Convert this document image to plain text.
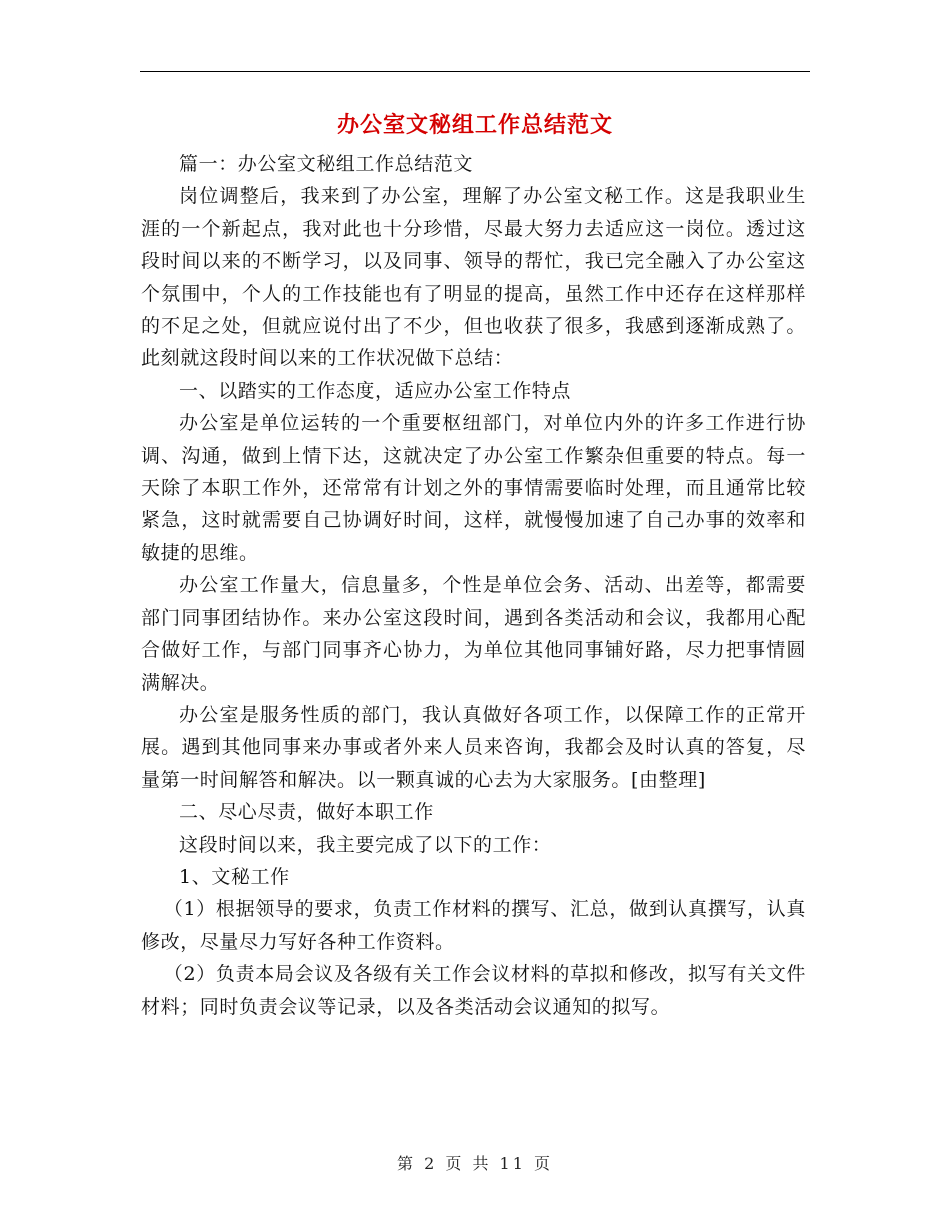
办公室文秘组工作总结范文

篇一：办公室文秘组工作总结范文

岗位调整后，我来到了办公室，理解了办公室文秘工作。这是我职业生涯的一个新起点，我对此也十分珍惜，尽最大努力去适应这一岗位。透过这段时间以来的不断学习，以及同事、领导的帮忙，我已完全融入了办公室这个氛围中，个人的工作技能也有了明显的提高，虽然工作中还存在这样那样的不足之处，但就应说付出了不少，但也收获了很多，我感到逐渐成熟了。此刻就这段时间以来的工作状况做下总结：

一、以踏实的工作态度，适应办公室工作特点

办公室是单位运转的一个重要枢纽部门，对单位内外的许多工作进行协调、沟通，做到上情下达，这就决定了办公室工作繁杂但重要的特点。每一天除了本职工作外，还常常有计划之外的事情需要临时处理，而且通常比较紧急，这时就需要自己协调好时间，这样，就慢慢加速了自己办事的效率和敏捷的思维。

办公室工作量大，信息量多，个性是单位会务、活动、出差等，都需要部门同事团结协作。来办公室这段时间，遇到各类活动和会议，我都用心配合做好工作，与部门同事齐心协力，为单位其他同事铺好路，尽力把事情圆满解决。

办公室是服务性质的部门，我认真做好各项工作，以保障工作的正常开展。遇到其他同事来办事或者外来人员来咨询，我都会及时认真的答复，尽量第一时间解答和解决。以一颗真诚的心去为大家服务。[由整理]

二、尽心尽责，做好本职工作

这段时间以来，我主要完成了以下的工作：

1、文秘工作

（1）根据领导的要求，负责工作材料的撰写、汇总，做到认真撰写，认真修改，尽量尽力写好各种工作资料。

（2）负责本局会议及各级有关工作会议材料的草拟和修改，拟写有关文件材料；同时负责会议等记录，以及各类活动会议通知的拟写。

第 2 页 共 11 页
